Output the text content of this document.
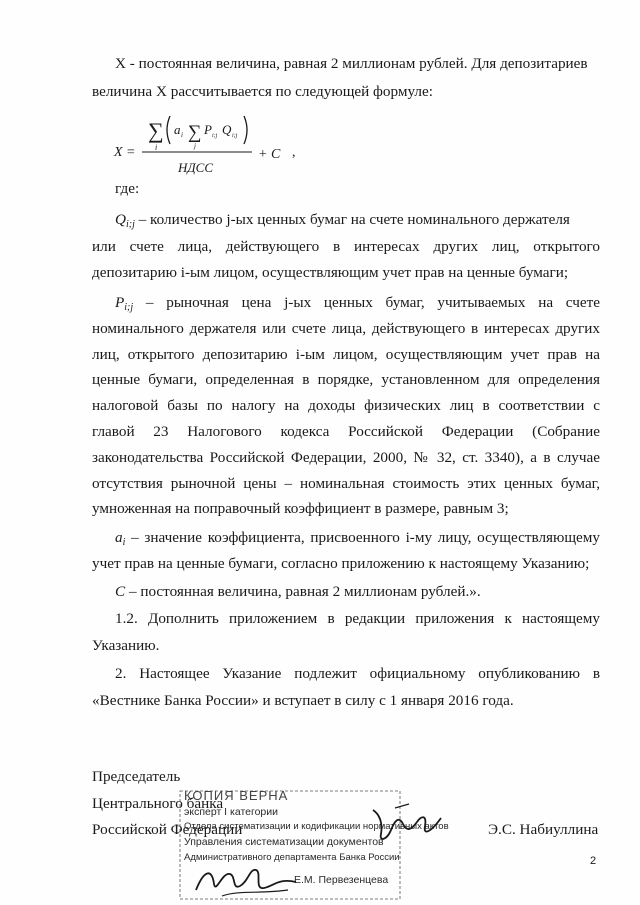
X - постоянная величина, равная 2 миллионам рублей. Для депозитариев
величина X рассчитывается по следующей формуле:
X =
∑
i
a i ∑
j
P i;j Q i;j
НДСС
+ C ,
где:
$Q_{i;j}$ – количество j-ых ценных бумаг на счете номинального держателя
или счете лица, действующего в интересах других лиц, открытого
депозитарию i-ым лицом, осуществляющим учет прав на ценные бумаги;
$P_{i;j}$ – рыночная цена j-ых ценных бумаг, учитываемых на счете
номинального держателя или счете лица, действующего в интересах других
лиц, открытого депозитарию i-ым лицом, осуществляющим учет прав на
ценные бумаги, определенная в порядке, установленном для определения
налоговой базы по налогу на доходы физических лиц в соответствии с
главой 23 Налогового кодекса Российской Федерации (Собрание
законодательства Российской Федерации, 2000, № 32, ст. 3340), а в случае
отсутствия рыночной цены – номинальная стоимость этих ценных бумаг,
умноженная на поправочный коэффициент в размере, равным 3;
$a_i$ – значение коэффициента, присвоенного i-му лицу, осуществляющему
учет прав на ценные бумаги, согласно приложению к настоящему Указанию;
C – постоянная величина, равная 2 миллионам рублей.».
1.2. Дополнить приложением в редакции приложения к настоящему
Указанию.
2. Настоящее Указание подлежит официальному опубликованию в
«Вестнике Банка России» и вступает в силу с 1 января 2016 года.
Председатель
Центрального банка
Российской Федерации	Э.С. Набиуллина
КОПИЯ ВЕРНА
эксперт I категории
Отдела систематизации и кодификации нормативных актов
Управления систематизации документов
Административного департамента Банка России
Е.М. Первезенцева
2
